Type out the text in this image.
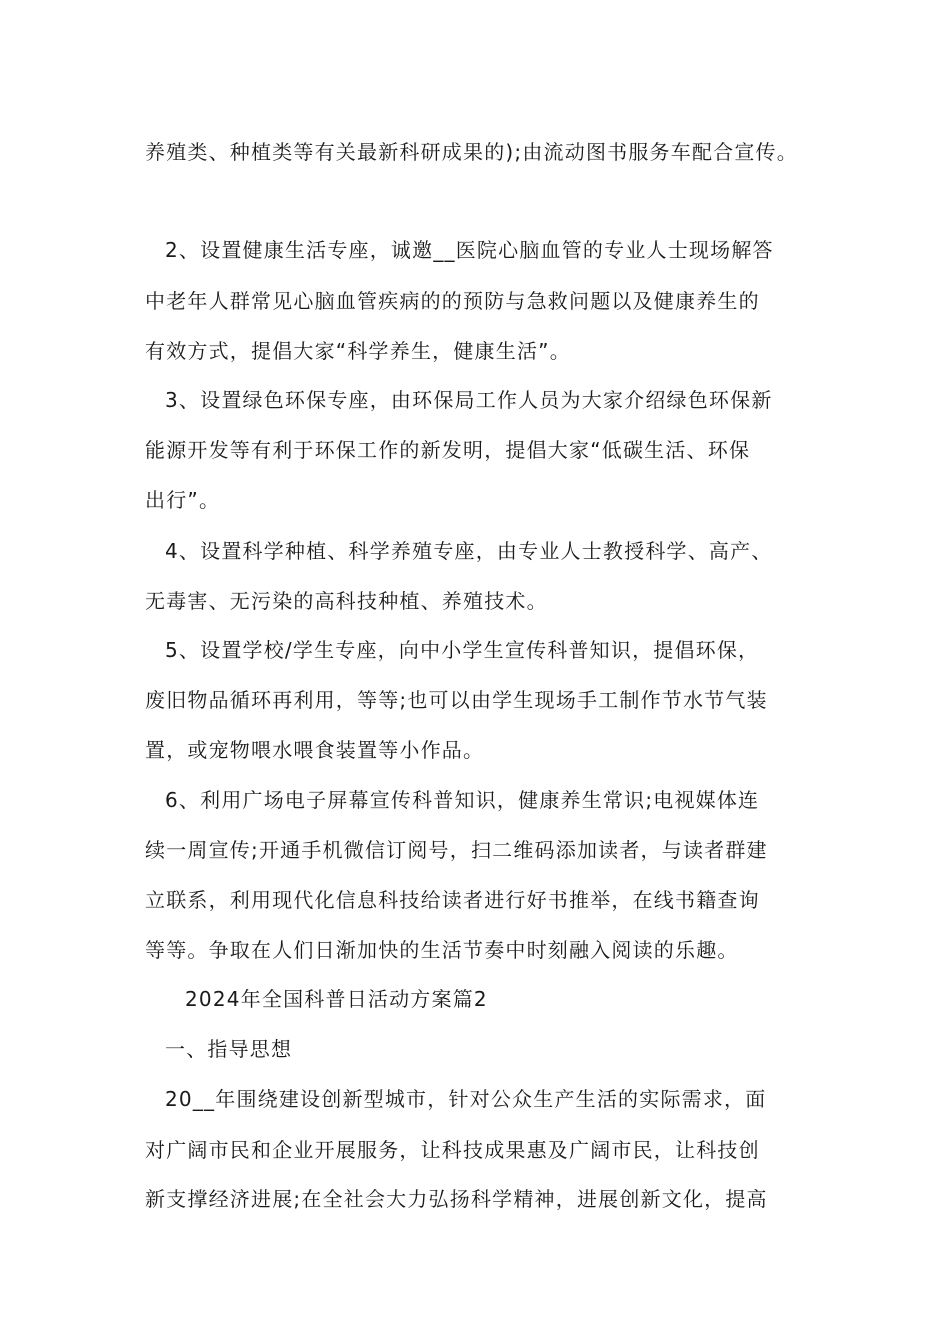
养殖类、种植类等有关最新科研成果的);由流动图书服务车配合宣传。
2、设置健康生活专座，诚邀__医院心脑血管的专业人士现场解答
中老年人群常见心脑血管疾病的的预防与急救问题以及健康养生的
有效方式，提倡大家“科学养生，健康生活”。
3、设置绿色环保专座，由环保局工作人员为大家介绍绿色环保新
能源开发等有利于环保工作的新发明，提倡大家“低碳生活、环保
出行”。
4、设置科学种植、科学养殖专座，由专业人士教授科学、高产、
无毒害、无污染的高科技种植、养殖技术。
5、设置学校/学生专座，向中小学生宣传科普知识，提倡环保，
废旧物品循环再利用，等等;也可以由学生现场手工制作节水节气装
置，或宠物喂水喂食装置等小作品。
6、利用广场电子屏幕宣传科普知识，健康养生常识;电视媒体连
续一周宣传;开通手机微信订阅号，扫二维码添加读者，与读者群建
立联系，利用现代化信息科技给读者进行好书推举，在线书籍查询
等等。争取在人们日渐加快的生活节奏中时刻融入阅读的乐趣。
2024年全国科普日活动方案篇2
一、指导思想
20__年围绕建设创新型城市，针对公众生产生活的实际需求，面
对广阔市民和企业开展服务，让科技成果惠及广阔市民，让科技创
新支撑经济进展;在全社会大力弘扬科学精神，进展创新文化，提高
